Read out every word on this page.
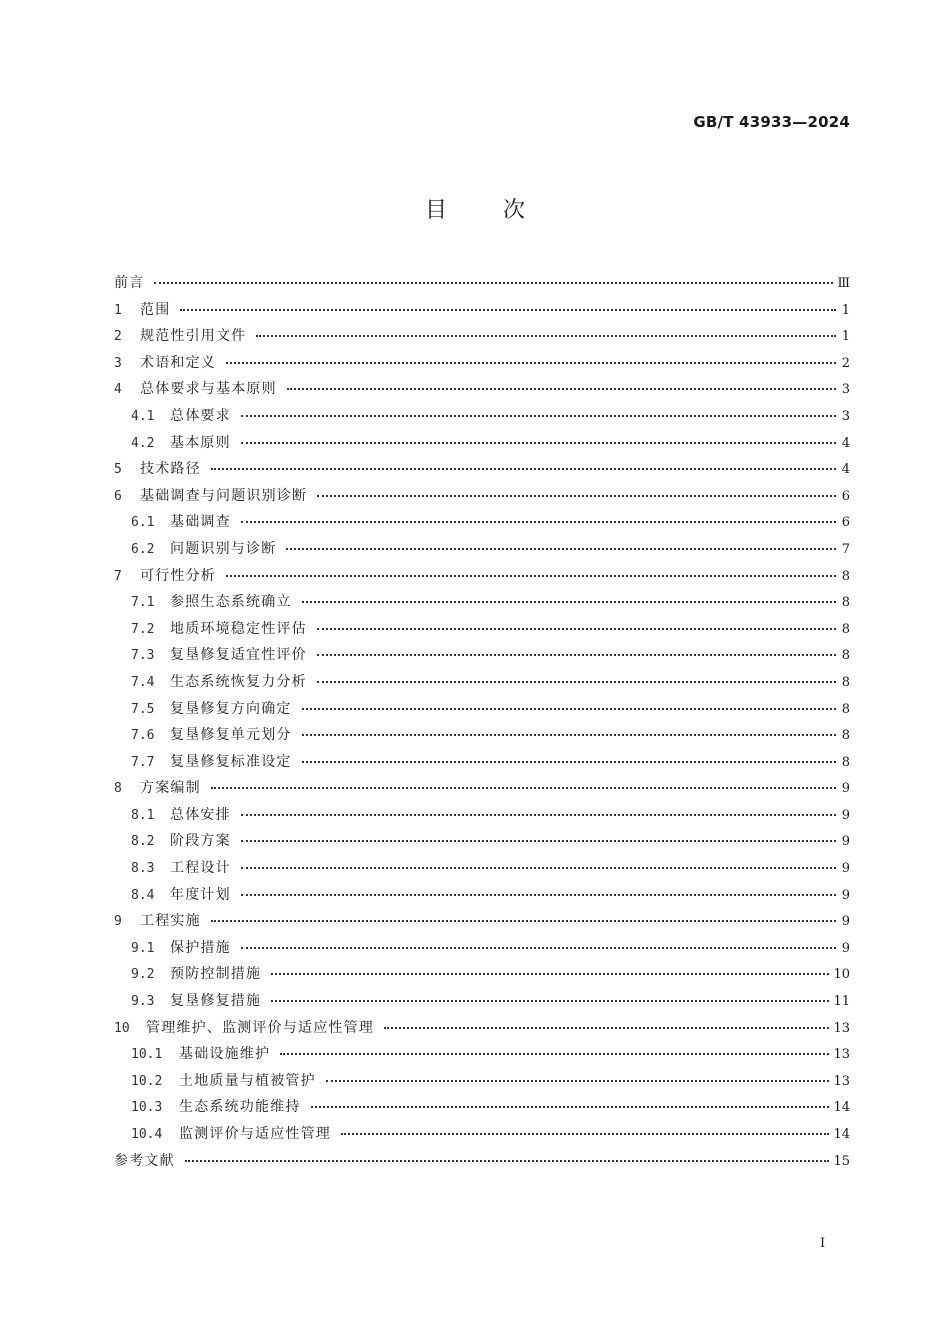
GB/T 43933—2024
目次
前言	Ⅲ
1	范围	1
2	规范性引用文件	1
3	术语和定义	2
4	总体要求与基本原则	3
4.1	总体要求	3
4.2	基本原则	4
5	技术路径	4
6	基础调查与问题识别诊断	6
6.1	基础调查	6
6.2	问题识别与诊断	7
7	可行性分析	8
7.1	参照生态系统确立	8
7.2	地质环境稳定性评估	8
7.3	复垦修复适宜性评价	8
7.4	生态系统恢复力分析	8
7.5	复垦修复方向确定	8
7.6	复垦修复单元划分	8
7.7	复垦修复标准设定	8
8	方案编制	9
8.1	总体安排	9
8.2	阶段方案	9
8.3	工程设计	9
8.4	年度计划	9
9	工程实施	9
9.1	保护措施	9
9.2	预防控制措施	10
9.3	复垦修复措施	11
10	管理维护、监测评价与适应性管理	13
10.1	基础设施维护	13
10.2	土地质量与植被管护	13
10.3	生态系统功能维持	14
10.4	监测评价与适应性管理	14
参考文献	15
Ⅰ
